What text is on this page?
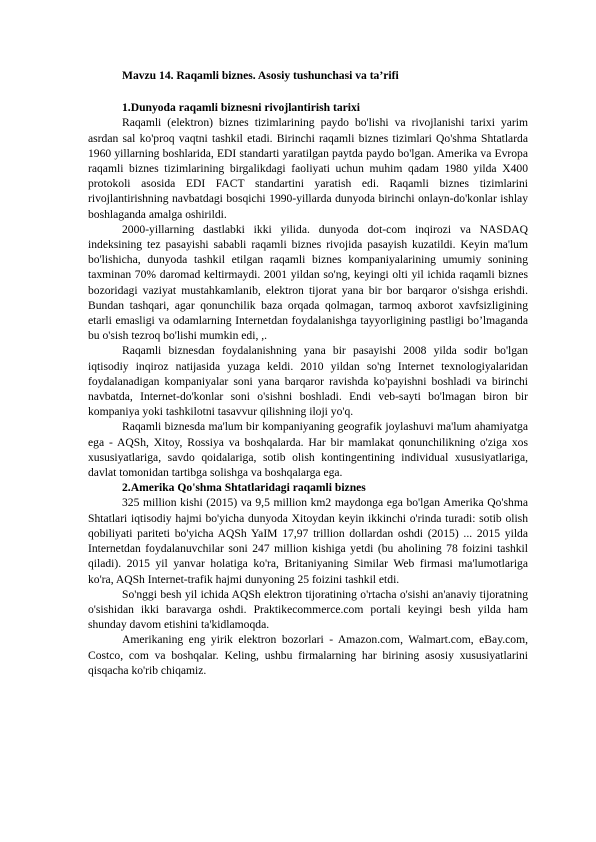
Mavzu 14. Raqamli biznes. Asosiy tushunchasi va ta’rifi

1.Dunyoda raqamli biznesni rivojlantirish tarixi

Raqamli (elektron) biznes tizimlarining paydo bo'lishi va rivojlanishi tarixi yarim asrdan sal ko'proq vaqtni tashkil etadi. Birinchi raqamli biznes tizimlari Qo'shma Shtatlarda 1960 yillarning boshlarida, EDI standarti yaratilgan paytda paydo bo'lgan. Amerika va Evropa raqamli biznes tizimlarining birgalikdagi faoliyati uchun muhim qadam 1980 yilda X400 protokoli asosida EDI FACT standartini yaratish edi. Raqamli biznes tizimlarini rivojlantirishning navbatdagi bosqichi 1990-yillarda dunyoda birinchi onlayn-do'konlar ishlay boshlaganda amalga oshirildi.

2000-yillarning dastlabki ikki yilida. dunyoda dot-com inqirozi va NASDAQ indeksining tez pasayishi sababli raqamli biznes rivojida pasayish kuzatildi. Keyin ma'lum bo'lishicha, dunyoda tashkil etilgan raqamli biznes kompaniyalarining umumiy sonining taxminan 70% daromad keltirmaydi. 2001 yildan so'ng, keyingi olti yil ichida raqamli biznes bozoridagi vaziyat mustahkamlanib, elektron tijorat yana bir bor barqaror o'sishga erishdi. Bundan tashqari, agar qonunchilik baza orqada qolmagan, tarmoq axborot xavfsizligining etarli emasligi va odamlarning Internetdan foydalanishga tayyorligining pastligi bo’lmaganda bu o'sish tezroq bo'lishi mumkin edi, ,.

Raqamli biznesdan foydalanishning yana bir pasayishi 2008 yilda sodir bo'lgan iqtisodiy inqiroz natijasida yuzaga keldi. 2010 yildan so'ng Internet texnologiyalaridan foydalanadigan kompaniyalar soni yana barqaror ravishda ko'payishni boshladi va birinchi navbatda, Internet-do'konlar soni o'sishni boshladi. Endi veb-sayti bo'lmagan biron bir kompaniya yoki tashkilotni tasavvur qilishning iloji yo'q.

Raqamli biznesda ma'lum bir kompaniyaning geografik joylashuvi ma'lum ahamiyatga ega - AQSh, Xitoy, Rossiya va boshqalarda. Har bir mamlakat qonunchilikning o'ziga xos xususiyatlariga, savdo qoidalariga, sotib olish kontingentining individual xususiyatlariga, davlat tomonidan tartibga solishga va boshqalarga ega.

2.Amerika Qo'shma Shtatlaridagi raqamli biznes

325 million kishi (2015) va 9,5 million km2 maydonga ega bo'lgan Amerika Qo'shma Shtatlari iqtisodiy hajmi bo'yicha dunyoda Xitoydan keyin ikkinchi o'rinda turadi: sotib olish qobiliyati pariteti bo'yicha AQSh YaIM 17,97 trillion dollardan oshdi (2015) ... 2015 yilda Internetdan foydalanuvchilar soni 247 million kishiga yetdi (bu aholining 78 foizini tashkil qiladi). 2015 yil yanvar holatiga ko'ra, Britaniyaning Similar Web firmasi ma'lumotlariga ko'ra, AQSh Internet-trafik hajmi dunyoning 25 foizini tashkil etdi.

So'nggi besh yil ichida AQSh elektron tijoratining o'rtacha o'sishi an'anaviy tijoratning o'sishidan ikki baravarga oshdi. Praktikecommerce.com portali keyingi besh yilda ham shunday davom etishini ta'kidlamoqda.

Amerikaning eng yirik elektron bozorlari - Amazon.com, Walmart.com, eBay.com, Costco, com va boshqalar. Keling, ushbu firmalarning har birining asosiy xususiyatlarini qisqacha ko'rib chiqamiz.
